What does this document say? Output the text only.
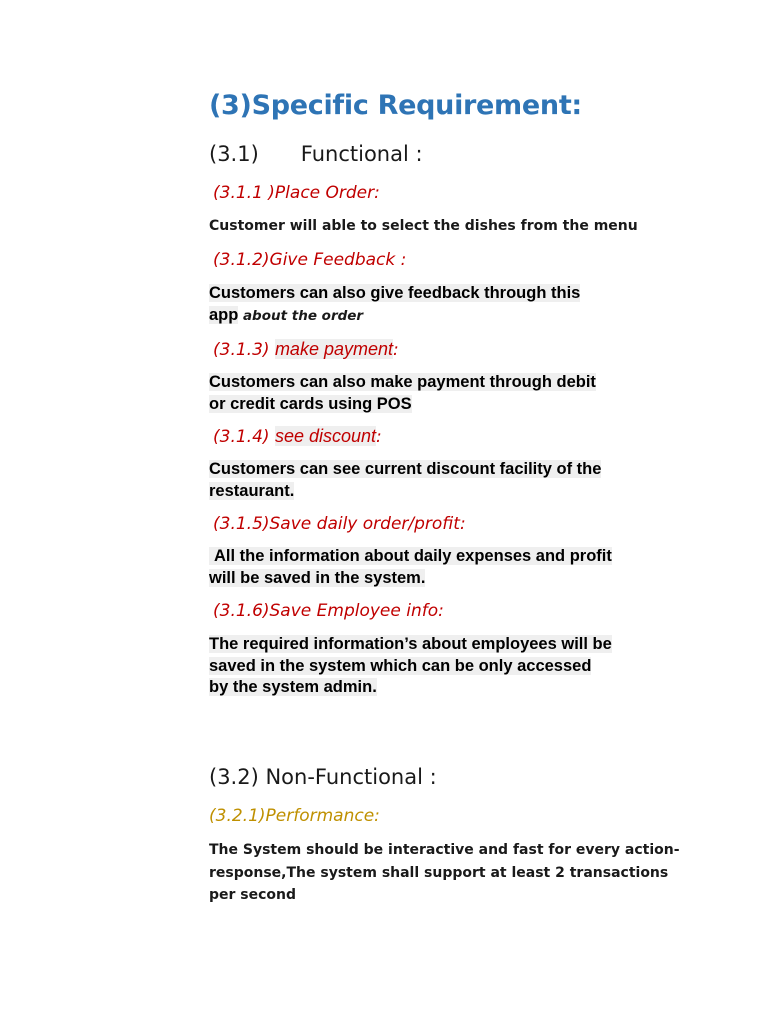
(3)Specific Requirement:
(3.1) Functional :
(3.1.1 )Place Order:
Customer will able to select the dishes from the menu
(3.1.2)Give Feedback :
Customers can also give feedback through this
app about the order
(3.1.3) make payment:
Customers can also make payment through debit
or credit cards using POS
(3.1.4) see discount:
Customers can see current discount facility of the
restaurant.
(3.1.5)Save daily order/profit:
All the information about daily expenses and profit
will be saved in the system.
(3.1.6)Save Employee info:
The required information’s about employees will be
saved in the system which can be only accessed
by the system admin.
(3.2) Non-Functional :
(3.2.1)Performance:
The System should be interactive and fast for every action-
response,The system shall support at least 2 transactions
per second
